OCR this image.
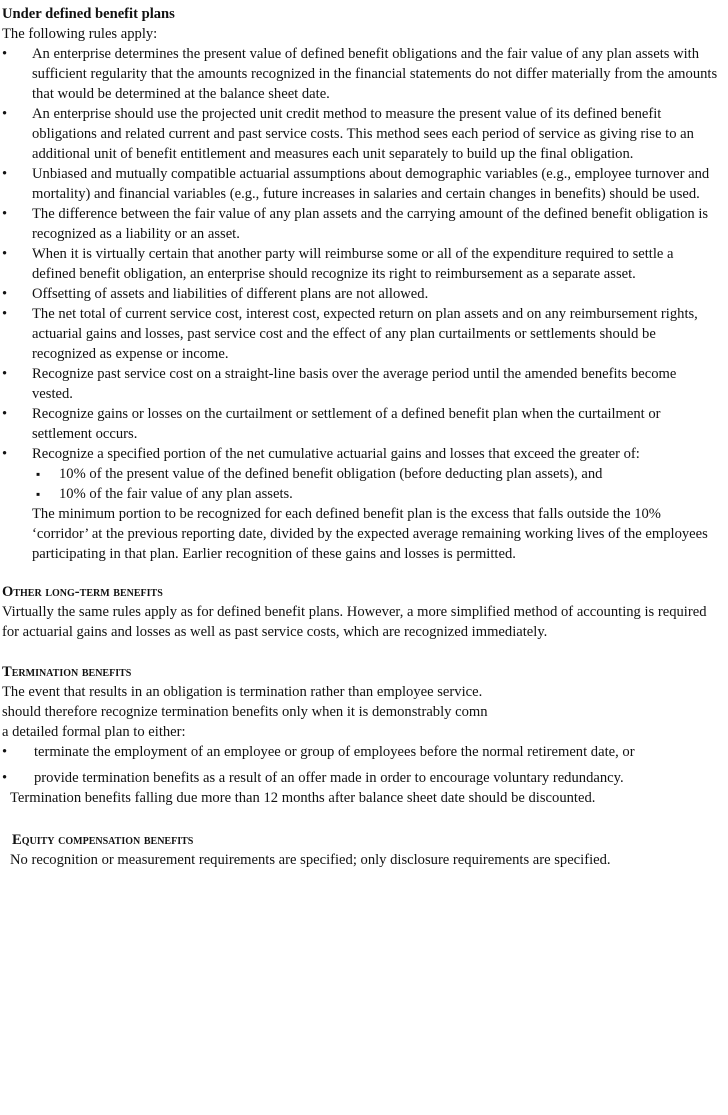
Under defined benefit plans
The following rules apply:
• An enterprise determines the present value of defined benefit obligations and the fair value of any plan assets with sufficient regularity that the amounts recognized in the financial statements do not differ materially from the amounts that would be determined at the balance sheet date.
• An enterprise should use the projected unit credit method to measure the present value of its defined benefit obligations and related current and past service costs. This method sees each period of service as giving rise to an additional unit of benefit entitlement and measures each unit separately to build up the final obligation.
• Unbiased and mutually compatible actuarial assumptions about demographic variables (e.g., employee turnover and mortality) and financial variables (e.g., future increases in salaries and certain changes in benefits) should be used.
• The difference between the fair value of any plan assets and the carrying amount of the defined benefit obligation is recognized as a liability or an asset.
• When it is virtually certain that another party will reimburse some or all of the expenditure required to settle a defined benefit obligation, an enterprise should recognize its right to reimbursement as a separate asset.
• Offsetting of assets and liabilities of different plans are not allowed.
• The net total of current service cost, interest cost, expected return on plan assets and on any reimbursement rights, actuarial gains and losses, past service cost and the effect of any plan curtailments or settlements should be recognized as expense or income.
• Recognize past service cost on a straight-line basis over the average period until the amended benefits become vested.
• Recognize gains or losses on the curtailment or settlement of a defined benefit plan when the curtailment or settlement occurs.
• Recognize a specified portion of the net cumulative actuarial gains and losses that exceed the greater of:
▪ 10% of the present value of the defined benefit obligation (before deducting plan assets), and
▪ 10% of the fair value of any plan assets.
The minimum portion to be recognized for each defined benefit plan is the excess that falls outside the 10% ‘corridor’ at the previous reporting date, divided by the expected average remaining working lives of the employees participating in that plan. Earlier recognition of these gains and losses is permitted.
Other long-term benefits
Virtually the same rules apply as for defined benefit plans. However, a more simplified method of accounting is required for actuarial gains and losses as well as past service costs, which are recognized immediately.
Termination benefits
The event that results in an obligation is termination rather than employee service.
should therefore recognize termination benefits only when it is demonstrably comn
a detailed formal plan to either:
• terminate the employment of an employee or group of employees before the normal retirement date, or
• provide termination benefits as a result of an offer made in order to encourage voluntary redundancy.
Termination benefits falling due more than 12 months after balance sheet date should be discounted.
Equity compensation benefits
No recognition or measurement requirements are specified; only disclosure requirements are specified.
